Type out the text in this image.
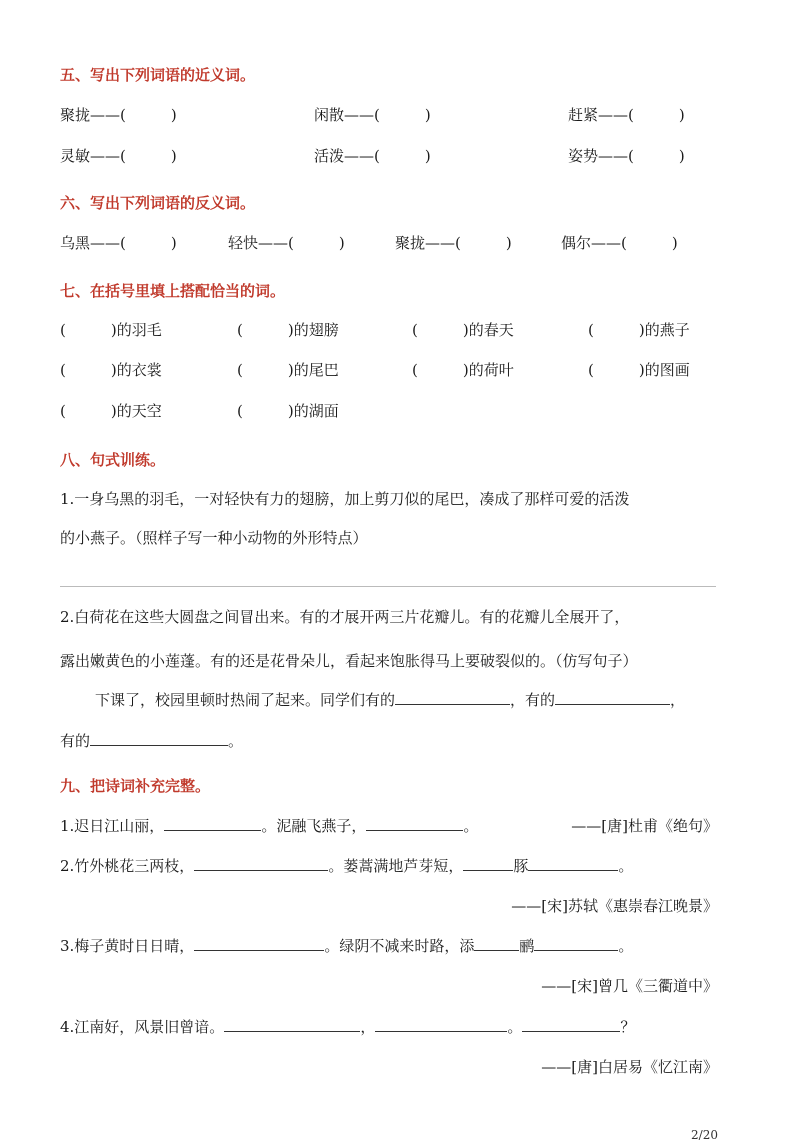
五、写出下列词语的近义词。
聚拢——(　　　)	闲散——(　　　)	赶紧——(　　　)
灵敏——(　　　)	活泼——(　　　)	姿势——(　　　)
六、写出下列词语的反义词。
乌黑——(　　　)	轻快——(　　　)	聚拢——(　　　)	偶尔——(　　　)
七、在括号里填上搭配恰当的词。
(　　　)的羽毛	(　　　)的翅膀	(　　　)的春天	(　　　)的燕子
(　　　)的衣裳	(　　　)的尾巴	(　　　)的荷叶	(　　　)的图画
(　　　)的天空	(　　　)的湖面
八、句式训练。
1.一身乌黑的羽毛，一对轻快有力的翅膀，加上剪刀似的尾巴，凑成了那样可爱的活泼
的小燕子。（照样子写一种小动物的外形特点）
2.白荷花在这些大圆盘之间冒出来。有的才展开两三片花瓣儿。有的花瓣儿全展开了，
露出嫩黄色的小莲蓬。有的还是花骨朵儿，看起来饱胀得马上要破裂似的。（仿写句子）
下课了，校园里顿时热闹了起来。同学们有的	，有的	，
有的	。
九、把诗词补充完整。
1.迟日江山丽，	。泥融飞燕子，	。	——[唐]杜甫《绝句》
2.竹外桃花三两枝，	。蒌蒿满地芦芽短，	豚	。
——[宋]苏轼《惠崇春江晚景》
3.梅子黄时日日晴，	。绿阴不减来时路，添	鹂	。
——[宋]曾几《三衢道中》
4.江南好，风景旧曾谙。	，	。	？
——[唐]白居易《忆江南》
2/20
